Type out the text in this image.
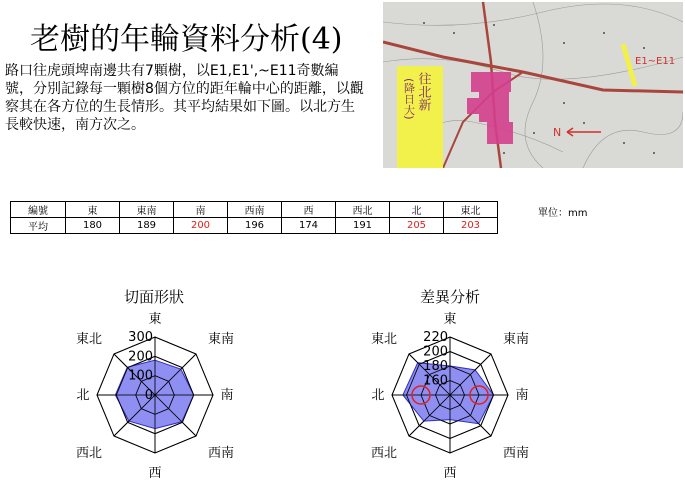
老樹的年輪資料分析(4)
路口往虎頭埤南邊共有7顆樹，以E1,E1',~E11奇數編號，分別記錄每一顆樹8個方位的距年輪中心的距離，以觀察其在各方位的生長情形。其平均結果如下圖。以北方生長較快速，南方次之。
往北新
(降日大)
E1~E11
N
編號	東	東南	南	西南	西	西北	北	東北
平均	180	189	200	196	174	191	205	203
單位：mm
切面形狀	差異分析
0
100
200
300
東
東南
南
西南
西
西北
北
東北
160
180
200
220
東
東南
南
西南
西
西北
北
東北
